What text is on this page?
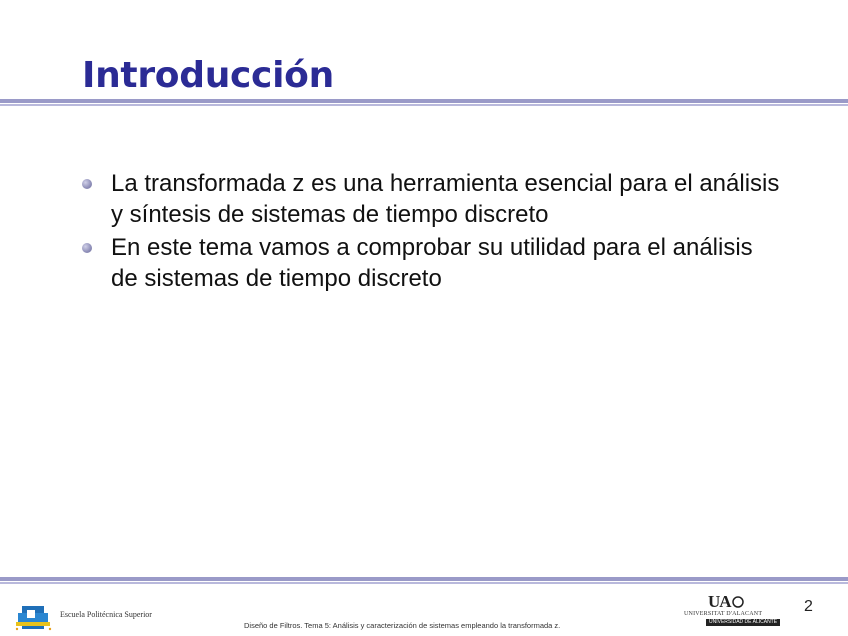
Introducción
La transformada z es una herramienta esencial para el análisis y síntesis de sistemas de tiempo discreto
En este tema vamos a comprobar su utilidad para el análisis de sistemas de tiempo discreto
Escuela Politécnica Superior
Diseño de Filtros. Tema 5: Análisis y caracterización de sistemas empleando la transformada z.
UA
UNIVERSITAT D'ALACANT
UNIVERSIDAD DE ALICANTE
2
